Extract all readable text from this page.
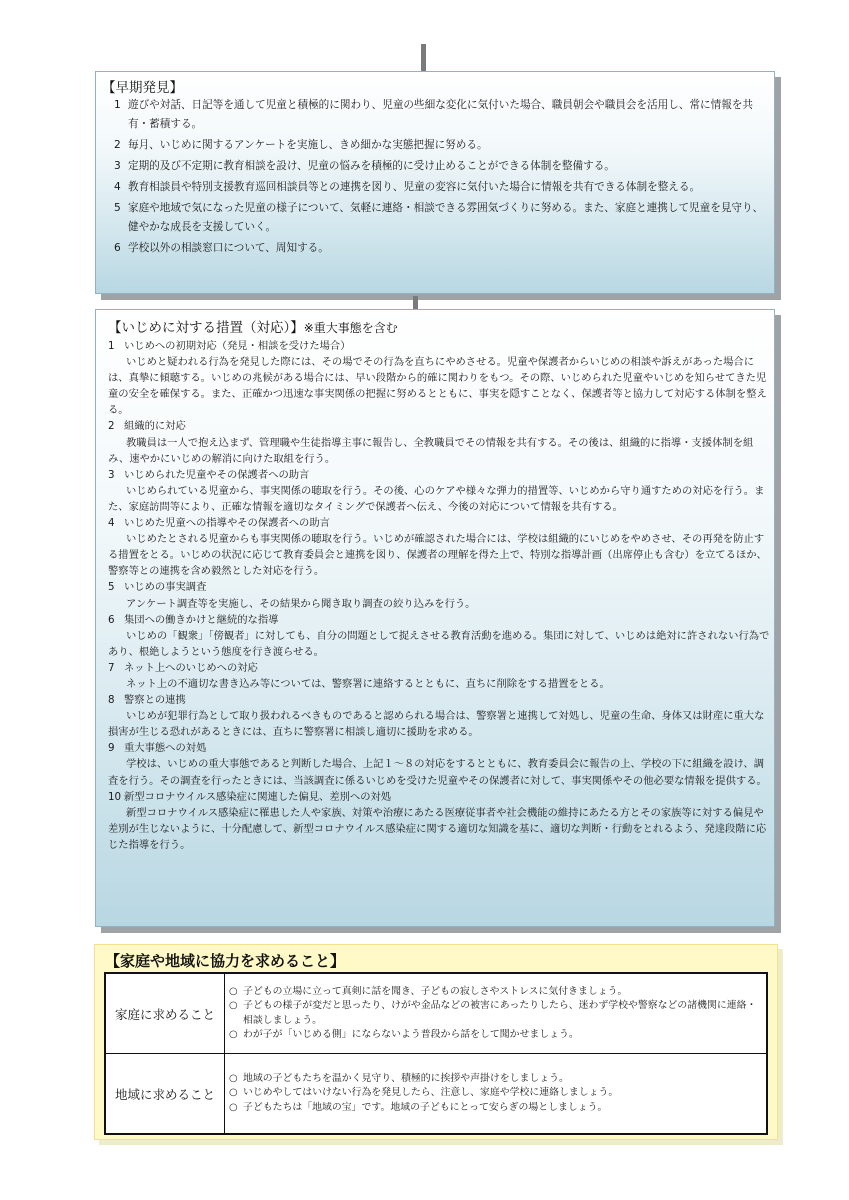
【早期発見】
1 遊びや対話、日記等を通して児童と積極的に関わり、児童の些細な変化に気付いた場合、職員朝会や職員会を活用し、常に情報を共有・蓄積する。
2 毎月、いじめに関するアンケートを実施し、きめ細かな実態把握に努める。
3 定期的及び不定期に教育相談を設け、児童の悩みを積極的に受け止めることができる体制を整備する。
4 教育相談員や特別支援教育巡回相談員等との連携を図り、児童の変容に気付いた場合に情報を共有できる体制を整える。
5 家庭や地域で気になった児童の様子について、気軽に連絡・相談できる雰囲気づくりに努める。また、家庭と連携して児童を見守り、健やかな成長を支援していく。
6 学校以外の相談窓口について、周知する。
【いじめに対する措置（対応）】※重大事態を含む
1 いじめへの初期対応（発見・相談を受けた場合）
いじめと疑われる行為を発見した際には、その場でその行為を直ちにやめさせる。児童や保護者からいじめの相談や訴えがあった場合には、真摯に傾聴する。いじめの兆候がある場合には、早い段階から的確に関わりをもつ。その際、いじめられた児童やいじめを知らせてきた児童の安全を確保する。また、正確かつ迅速な事実関係の把握に努めるとともに、事実を隠すことなく、保護者等と協力して対応する体制を整える。
2 組織的に対応
教職員は一人で抱え込まず、管理職や生徒指導主事に報告し、全教職員でその情報を共有する。その後は、組織的に指導・支援体制を組み、速やかにいじめの解消に向けた取組を行う。
3 いじめられた児童やその保護者への助言
いじめられている児童から、事実関係の聴取を行う。その後、心のケアや様々な弾力的措置等、いじめから守り通すための対応を行う。また、家庭訪問等により、正確な情報を適切なタイミングで保護者へ伝え、今後の対応について情報を共有する。
4 いじめた児童への指導やその保護者への助言
いじめたとされる児童からも事実関係の聴取を行う。いじめが確認された場合には、学校は組織的にいじめをやめさせ、その再発を防止する措置をとる。いじめの状況に応じて教育委員会と連携を図り、保護者の理解を得た上で、特別な指導計画（出席停止も含む）を立てるほか、警察等との連携を含め毅然とした対応を行う。
5 いじめの事実調査
アンケート調査等を実施し、その結果から聞き取り調査の絞り込みを行う。
6 集団への働きかけと継続的な指導
いじめの「観衆」「傍観者」に対しても、自分の問題として捉えさせる教育活動を進める。集団に対して、いじめは絶対に許されない行為であり、根絶しようという態度を行き渡らせる。
7 ネット上へのいじめへの対応
ネット上の不適切な書き込み等については、警察署に連絡するとともに、直ちに削除をする措置をとる。
8 警察との連携
いじめが犯罪行為として取り扱われるべきものであると認められる場合は、警察署と連携して対処し、児童の生命、身体又は財産に重大な損害が生じる恐れがあるときには、直ちに警察署に相談し適切に援助を求める。
9 重大事態への対処
学校は、いじめの重大事態であると判断した場合、上記１～８の対応をするとともに、教育委員会に報告の上、学校の下に組織を設け、調査を行う。その調査を行ったときには、当該調査に係るいじめを受けた児童やその保護者に対して、事実関係やその他必要な情報を提供する。
10 新型コロナウイルス感染症に関連した偏見、差別への対処
新型コロナウイルス感染症に罹患した人や家族、対策や治療にあたる医療従事者や社会機能の維持にあたる方とその家族等に対する偏見や差別が生じないように、十分配慮して、新型コロナウイルス感染症に関する適切な知識を基に、適切な判断・行動をとれるよう、発達段階に応じた指導を行う。
【家庭や地域に協力を求めること】
家庭に求めること	○ 子どもの立場に立って真剣に話を聞き、子どもの寂しさやストレスに気付きましょう。
○ 子どもの様子が変だと思ったり、けがや金品などの被害にあったりしたら、迷わず学校や警察などの諸機関に連絡・相談しましょう。
○ わが子が「いじめる側」にならないよう普段から話をして聞かせましょう。

地域に求めること	○ 地域の子どもたちを温かく見守り、積極的に挨拶や声掛けをしましょう。
○ いじめやしてはいけない行為を発見したら、注意し、家庭や学校に連絡しましょう。
○ 子どもたちは「地域の宝」です。地域の子どもにとって安らぎの場としましょう。
